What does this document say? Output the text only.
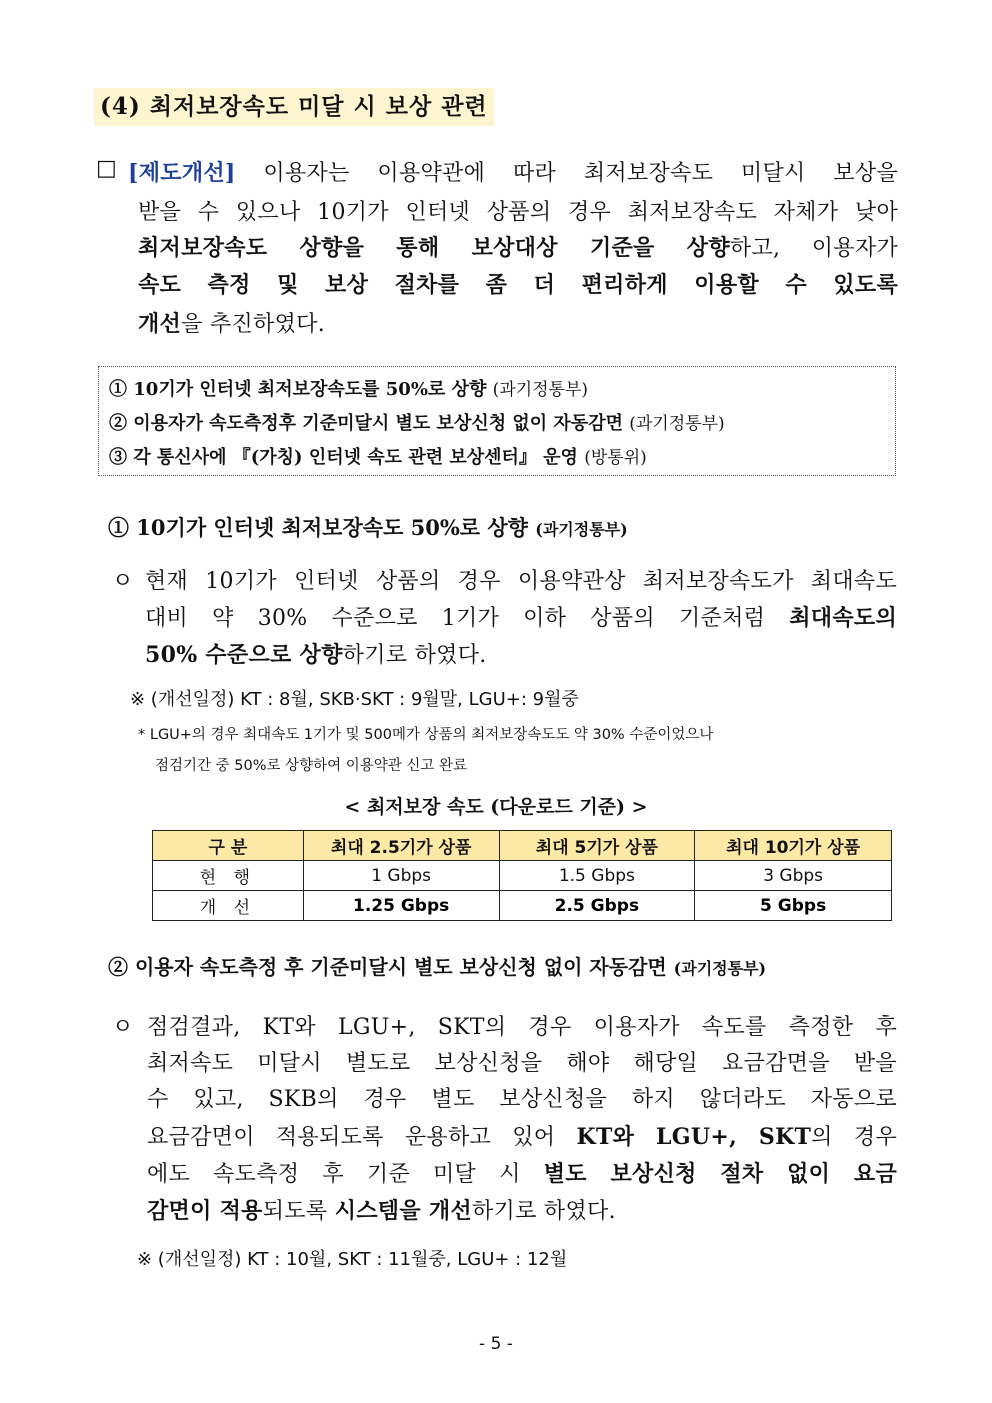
(4) 최저보장속도 미달 시 보상 관련
□ [제도개선] 이용자는 이용약관에 따라 최저보장속도 미달시 보상을
받을 수 있으나 10기가 인터넷 상품의 경우 최저보장속도 자체가 낮아
최저보장속도 상향을 통해 보상대상 기준을 상향하고, 이용자가
속도 측정 및 보상 절차를 좀 더 편리하게 이용할 수 있도록
개선을 추진하였다.
① 10기가 인터넷 최저보장속도를 50%로 상향 (과기정통부)
② 이용자가 속도측정후 기준미달시 별도 보상신청 없이 자동감면 (과기정통부)
③ 각 통신사에 『(가칭) 인터넷 속도 관련 보상센터』 운영 (방통위)
① 10기가 인터넷 최저보장속도 50%로 상향 (과기정통부)
ㅇ 현재 10기가 인터넷 상품의 경우 이용약관상 최저보장속도가 최대속도
대비 약 30% 수준으로 1기가 이하 상품의 기준처럼 최대속도의
50% 수준으로 상향하기로 하였다.
※ (개선일정) KT : 8월, SKB·SKT : 9월말, LGU+: 9월중
* LGU+의 경우 최대속도 1기가 및 500메가 상품의 최저보장속도도 약 30% 수준이었으나
점검기간 중 50%로 상향하여 이용약관 신고 완료
< 최저보장 속도 (다운로드 기준) >
구 분	최대 2.5기가 상품	최대 5기가 상품	최대 10기가 상품
현 행	1 Gbps	1.5 Gbps	3 Gbps
개 선	1.25 Gbps	2.5 Gbps	5 Gbps
② 이용자 속도측정 후 기준미달시 별도 보상신청 없이 자동감면 (과기정통부)
ㅇ 점검결과, KT와 LGU+, SKT의 경우 이용자가 속도를 측정한 후
최저속도 미달시 별도로 보상신청을 해야 해당일 요금감면을 받을
수 있고, SKB의 경우 별도 보상신청을 하지 않더라도 자동으로
요금감면이 적용되도록 운용하고 있어 KT와 LGU+, SKT의 경우
에도 속도측정 후 기준 미달 시 별도 보상신청 절차 없이 요금
감면이 적용되도록 시스템을 개선하기로 하였다.
※ (개선일정) KT : 10월, SKT : 11월중, LGU+ : 12월
- 5 -
